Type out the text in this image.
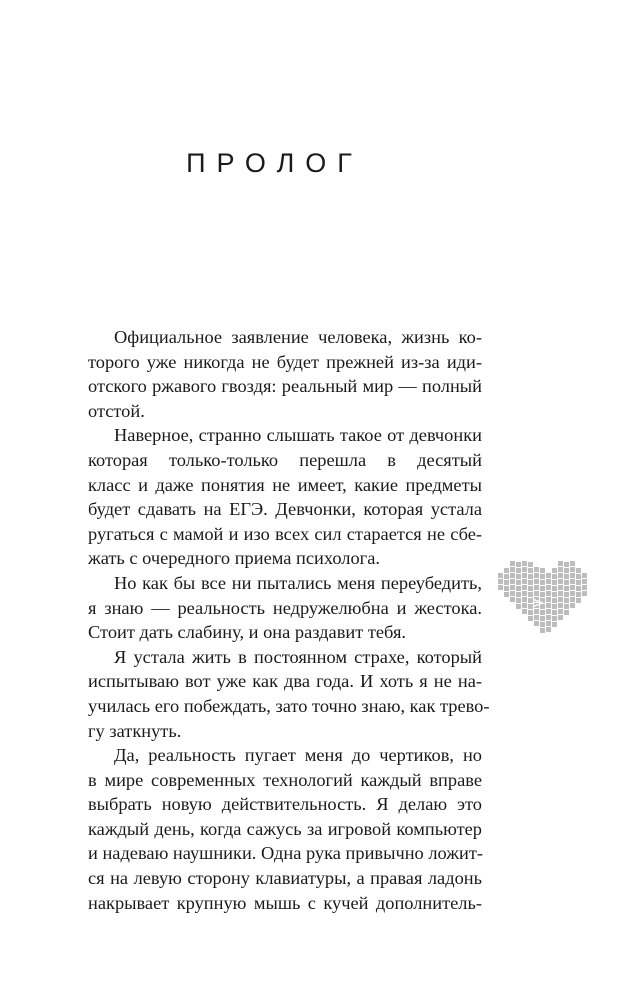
ПРОЛОГ

Официальное заявление человека, жизнь ко-
торого уже никогда не будет прежней из-за иди-
отского ржавого гвоздя: реальный мир — полный
отстой.

Наверное, странно слышать такое от девчонки
которая только-только перешла в десятый
класс и даже понятия не имеет, какие предметы
будет сдавать на ЕГЭ. Девчонки, которая устала
ругаться с мамой и изо всех сил старается не сбе-
жать с очередного приема психолога.

Но как бы все ни пытались меня переубедить,
я знаю — реальность недружелюбна и жестока.
Стоит дать слабину, и она раздавит тебя.

Я устала жить в постоянном страхе, который
испытываю вот уже как два года. И хоть я не на-
училась его побеждать, зато точно знаю, как трево-
гу заткнуть.

Да, реальность пугает меня до чертиков, но
в мире современных технологий каждый вправе
выбрать новую действительность. Я делаю это
каждый день, когда сажусь за игровой компьютер
и надеваю наушники. Одна рука привычно ложит-
ся на левую сторону клавиатуры, а правая ладонь
накрывает крупную мышь с кучей дополнитель-

>
